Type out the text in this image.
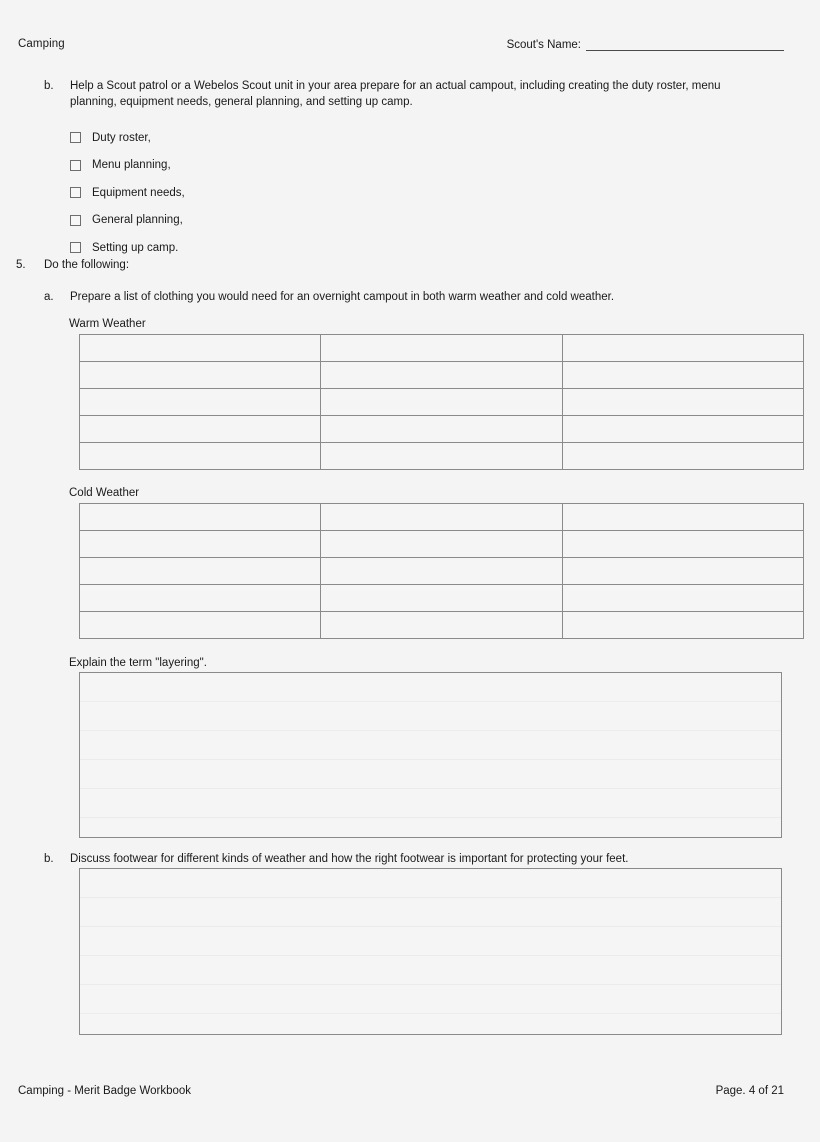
Camping	Scout's Name:
b.	Help a Scout patrol or a Webelos Scout unit in your area prepare for an actual campout, including creating the duty roster, menu planning, equipment needs, general planning, and setting up camp.
Duty roster,
Menu planning,
Equipment needs,
General planning,
Setting up camp.
5.	Do the following:
a.	Prepare a list of clothing you would need for an overnight campout in both warm weather and cold weather.
Warm Weather

Cold Weather

Explain the term "layering".
b.	Discuss footwear for different kinds of weather and how the right footwear is important for protecting your feet.
Camping - Merit Badge Workbook	Page. 4 of 21
